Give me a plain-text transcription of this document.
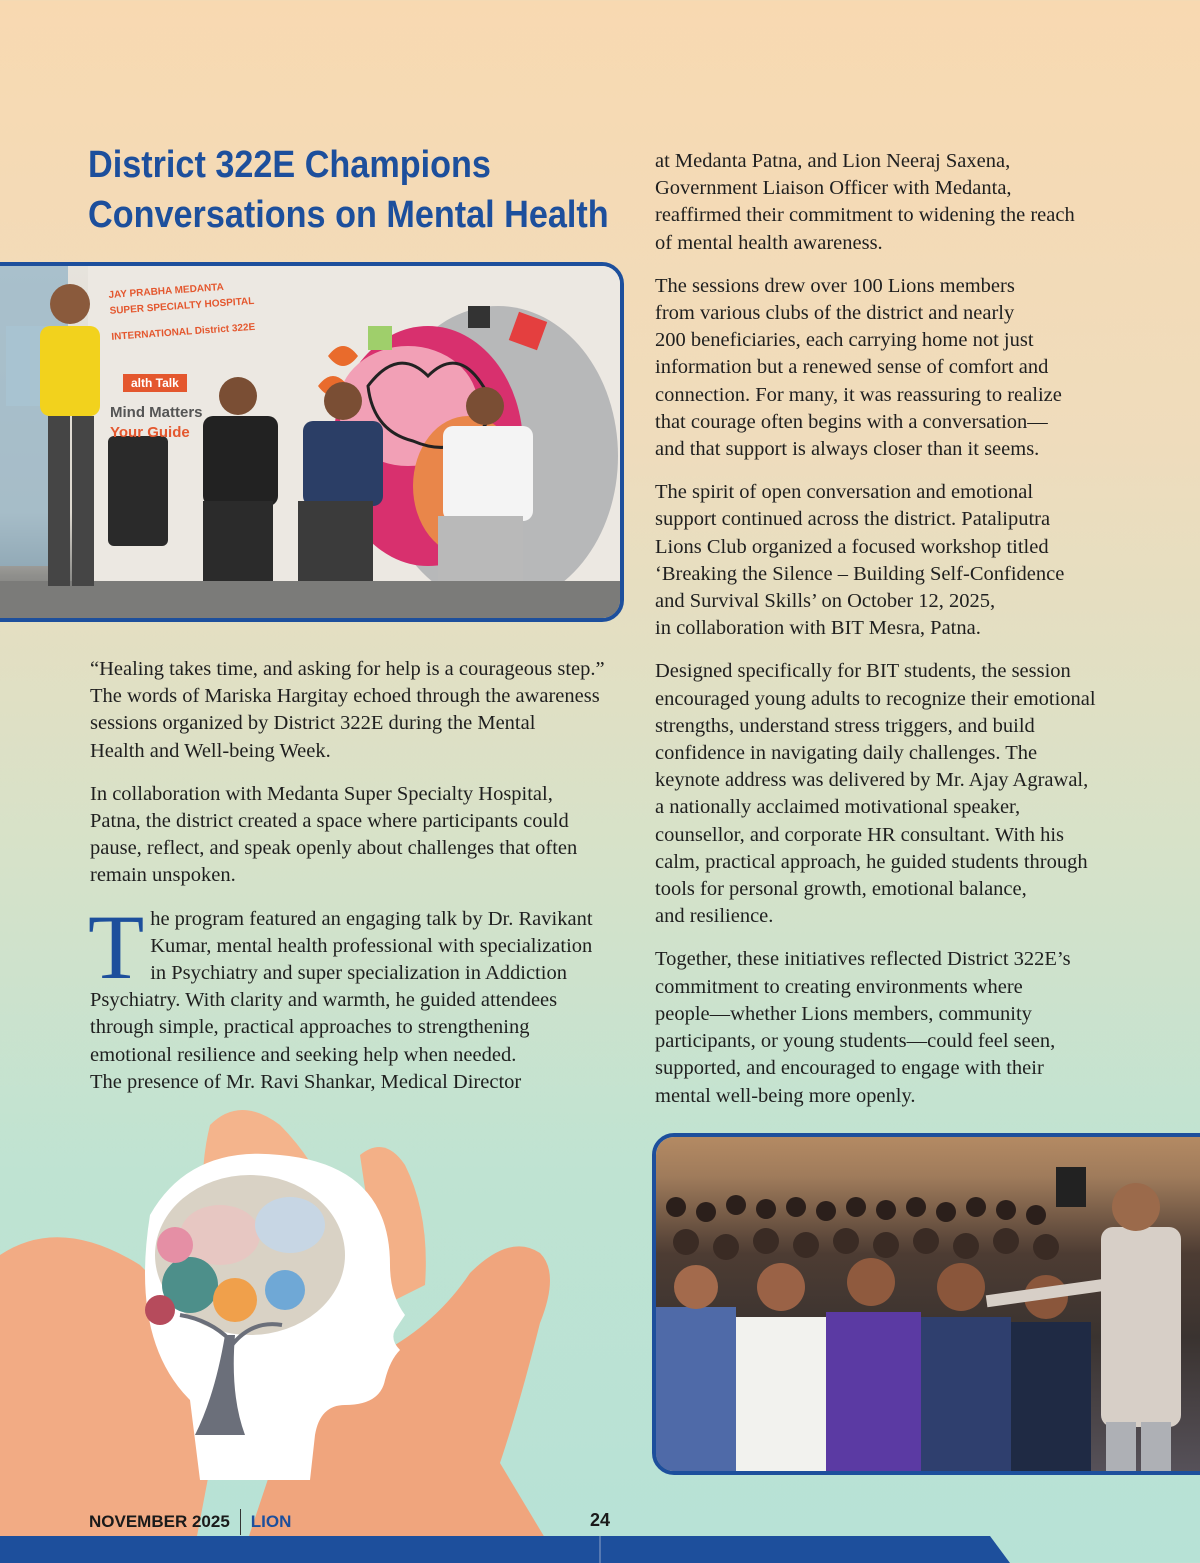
District 322E Champions
Conversations on Mental Health
JAY PRABHA MEDANTA
SUPER SPECIALTY HOSPITAL
INTERNATIONAL District 322E
alth Talk
Mind Matters
Your Guide

“Healing takes time, and asking for help is a courageous step.”
The words of Mariska Hargitay echoed through the awareness
sessions organized by District 322E during the Mental
Health and Well-being Week.

In collaboration with Medanta Super Specialty Hospital,
Patna, the district created a space where participants could
pause, reflect, and speak openly about challenges that often
remain unspoken.

T he program featured an engaging talk by Dr. Ravikant
Kumar, mental health professional with specialization
in Psychiatry and super specialization in Addiction
Psychiatry. With clarity and warmth, he guided attendees
through simple, practical approaches to strengthening
emotional resilience and seeking help when needed.
The presence of Mr. Ravi Shankar, Medical Director

at Medanta Patna, and Lion Neeraj Saxena,
Government Liaison Officer with Medanta,
reaffirmed their commitment to widening the reach
of mental health awareness.

The sessions drew over 100 Lions members
from various clubs of the district and nearly
200 beneficiaries, each carrying home not just
information but a renewed sense of comfort and
connection. For many, it was reassuring to realize
that courage often begins with a conversation—
and that support is always closer than it seems.

The spirit of open conversation and emotional
support continued across the district. Pataliputra
Lions Club organized a focused workshop titled
‘Breaking the Silence – Building Self-Confidence
and Survival Skills’ on October 12, 2025,
in collaboration with BIT Mesra, Patna.

Designed specifically for BIT students, the session
encouraged young adults to recognize their emotional
strengths, understand stress triggers, and build
confidence in navigating daily challenges. The
keynote address was delivered by Mr. Ajay Agrawal,
a nationally acclaimed motivational speaker,
counsellor, and corporate HR consultant. With his
calm, practical approach, he guided students through
tools for personal growth, emotional balance,
and resilience.

Together, these initiatives reflected District 322E’s
commitment to creating environments where
people—whether Lions members, community
participants, or young students—could feel seen,
supported, and encouraged to engage with their
mental well-being more openly.

NOVEMBER 2025 LION	24
